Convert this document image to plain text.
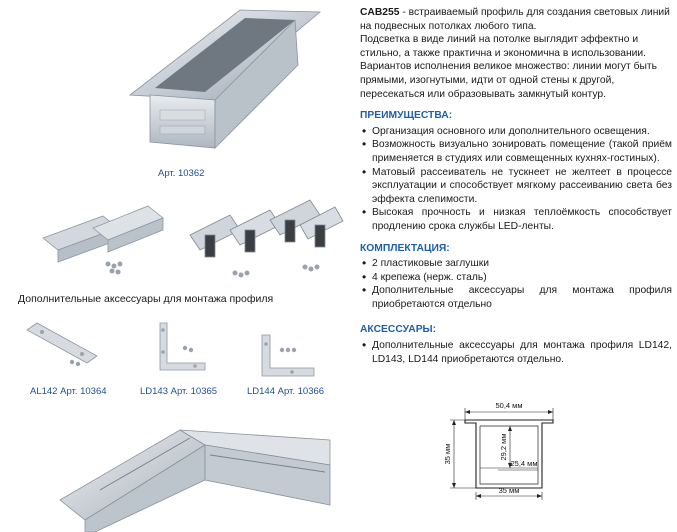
Арт. 10362
Дополнительные аксессуары для монтажа профиля
AL142 Арт. 10364	LD143 Арт. 10365	LD144 Арт. 10366

CAB255 - встраиваемый профиль для создания световых линий на подвесных потолках любого типа.

Подсветка в виде линий на потолке выглядит эффектно и стильно, а также практична и экономична в использовании. Вариантов исполнения великое множество: линии могут быть прямыми, изогнутыми, идти от одной стены к другой, пересекаться или образовывать замкнутый контур.

ПРЕИМУЩЕСТВА:
• Организация основного или дополнительного освещения.
• Возможность визуально зонировать помещение (такой приём применяется в студиях или совмещенных кухнях-гостиных).
• Матовый рассеиватель не тускнеет не желтеет в процессе эксплуатации и способствует мягкому рассеиванию света без эффекта слепимости.
• Высокая прочность и низкая теплоёмкость способствует продлению срока службы LED-ленты.
КОМПЛЕКТАЦИЯ:
• 2 пластиковые заглушки
• 4 крепежа (нерж. сталь)
• Дополнительные аксессуары для монтажа профиля приобретаются отдельно
АКСЕССУАРЫ:
• Дополнительные аксессуары для монтажа профиля LD142, LD143, LD144 приобретаются отдельно.
50,4 мм
35 мм	29,2 мм
25,4 мм
35 мм
